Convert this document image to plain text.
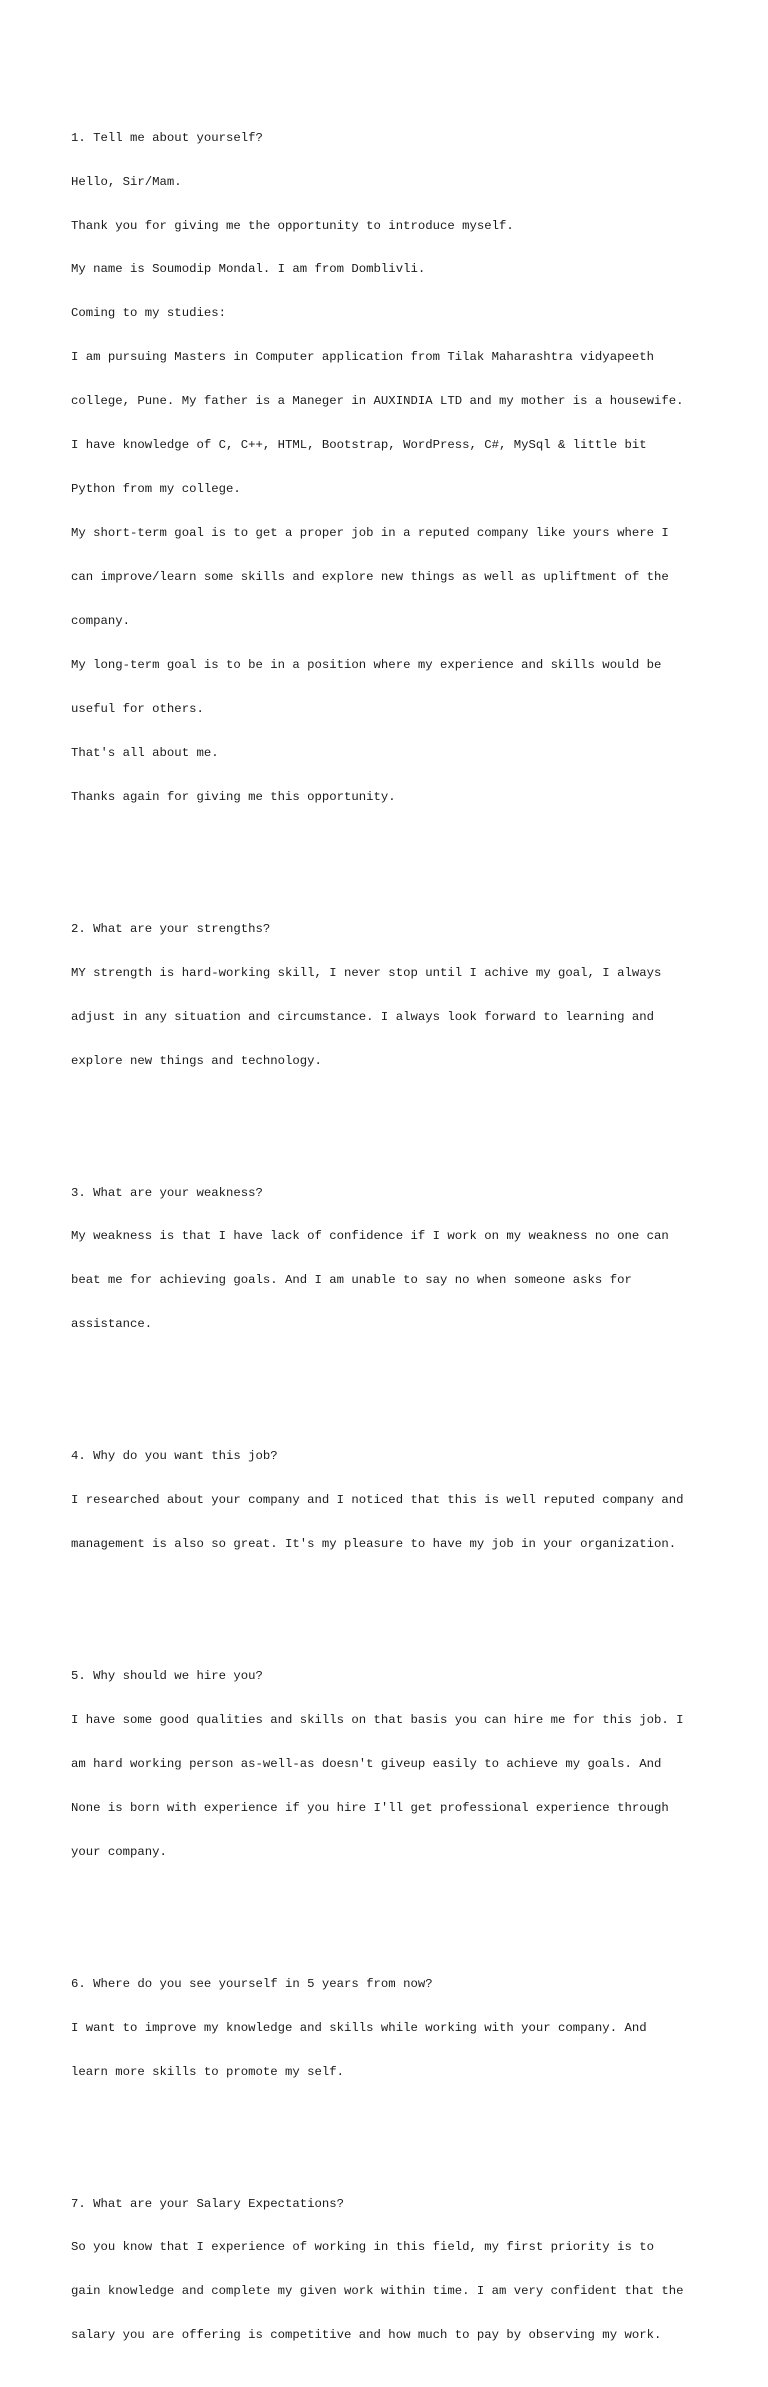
1. Tell me about yourself?

Hello, Sir/Mam.

Thank you for giving me the opportunity to introduce myself.

My name is Soumodip Mondal. I am from Domblivli.

Coming to my studies:

I am pursuing Masters in Computer application from Tilak Maharashtra vidyapeeth

college, Pune. My father is a Maneger in AUXINDIA LTD and my mother is a housewife.

I have knowledge of C, C++, HTML, Bootstrap, WordPress, C#, MySql & little bit

Python from my college.

My short-term goal is to get a proper job in a reputed company like yours where I

can improve/learn some skills and explore new things as well as upliftment of the

company.

My long-term goal is to be in a position where my experience and skills would be

useful for others.

That's all about me.

Thanks again for giving me this opportunity.

2. What are your strengths?

MY strength is hard-working skill, I never stop until I achive my goal, I always

adjust in any situation and circumstance. I always look forward to learning and

explore new things and technology.

3. What are your weakness?

My weakness is that I have lack of confidence if I work on my weakness no one can

beat me for achieving goals. And I am unable to say no when someone asks for

assistance.

4. Why do you want this job?

I researched about your company and I noticed that this is well reputed company and

management is also so great. It's my pleasure to have my job in your organization.

5. Why should we hire you?

I have some good qualities and skills on that basis you can hire me for this job. I

am hard working person as-well-as doesn't giveup easily to achieve my goals. And

None is born with experience if you hire I'll get professional experience through

your company.

6. Where do you see yourself in 5 years from now?

I want to improve my knowledge and skills while working with your company. And

learn more skills to promote my self.

7. What are your Salary Expectations?

So you know that I experience of working in this field, my first priority is to

gain knowledge and complete my given work within time. I am very confident that the

salary you are offering is competitive and how much to pay by observing my work.
